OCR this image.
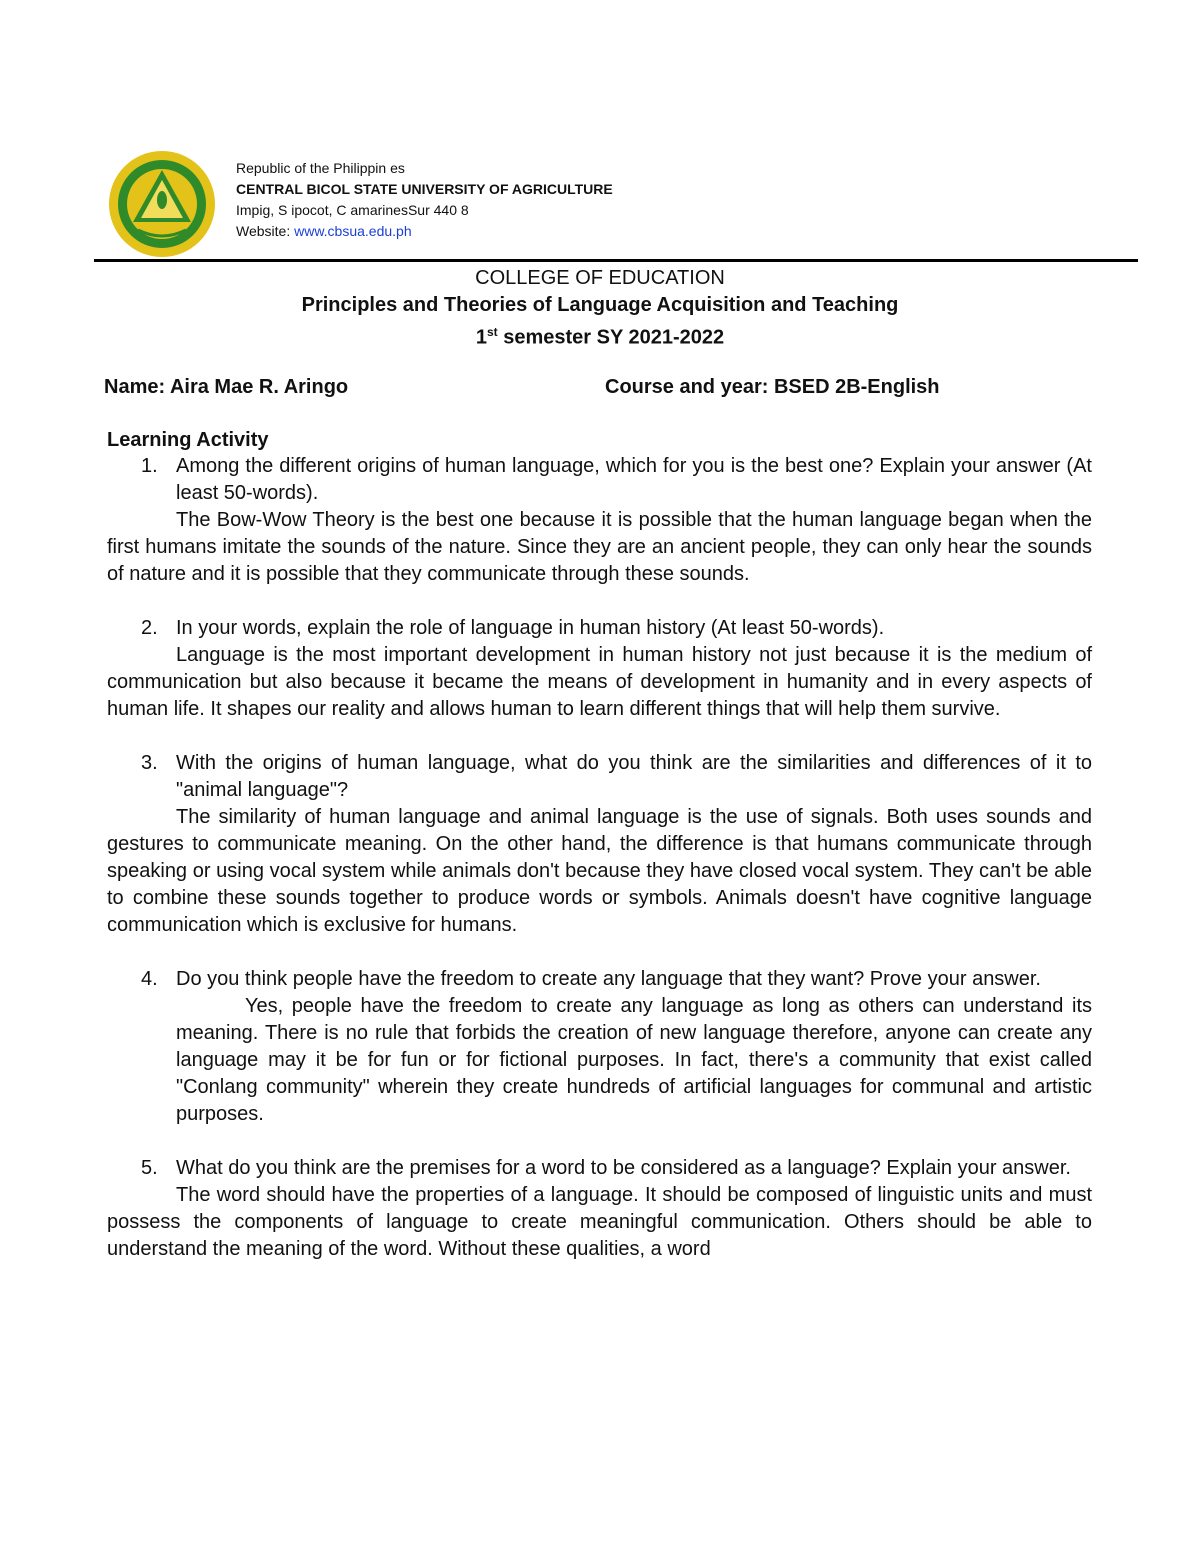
Republic of the Philippin es
CENTRAL BICOL STATE UNIVERSITY OF AGRICULTURE
Impig, S ipocot, C amarinesSur 440 8
Website: www.cbsua.edu.ph
COLLEGE OF EDUCATION
Principles and Theories of Language Acquisition and Teaching
1st semester SY 2021-2022
Name: Aira Mae R. Aringo	Course and year: BSED 2B-English
Learning Activity
1. Among the different origins of human language, which for you is the best one? Explain your answer (At least 50-words).
The Bow-Wow Theory is the best one because it is possible that the human language began when the first humans imitate the sounds of the nature. Since they are an ancient people, they can only hear the sounds of nature and it is possible that they communicate through these sounds.
2. In your words, explain the role of language in human history (At least 50-words).
Language is the most important development in human history not just because it is the medium of communication but also because it became the means of development in humanity and in every aspects of human life. It shapes our reality and allows human to learn different things that will help them survive.
3. With the origins of human language, what do you think are the similarities and differences of it to "animal language"?
The similarity of human language and animal language is the use of signals. Both uses sounds and gestures to communicate meaning. On the other hand, the difference is that humans communicate through speaking or using vocal system while animals don't because they have closed vocal system. They can't be able to combine these sounds together to produce words or symbols. Animals doesn't have cognitive language communication which is exclusive for humans.
4. Do you think people have the freedom to create any language that they want? Prove your answer.
Yes, people have the freedom to create any language as long as others can understand its meaning. There is no rule that forbids the creation of new language therefore, anyone can create any language may it be for fun or for fictional purposes. In fact, there's a community that exist called "Conlang community" wherein they create hundreds of artificial languages for communal and artistic purposes.
5. What do you think are the premises for a word to be considered as a language? Explain your answer.
The word should have the properties of a language. It should be composed of linguistic units and must possess the components of language to create meaningful communication. Others should be able to understand the meaning of the word. Without these qualities, a word
